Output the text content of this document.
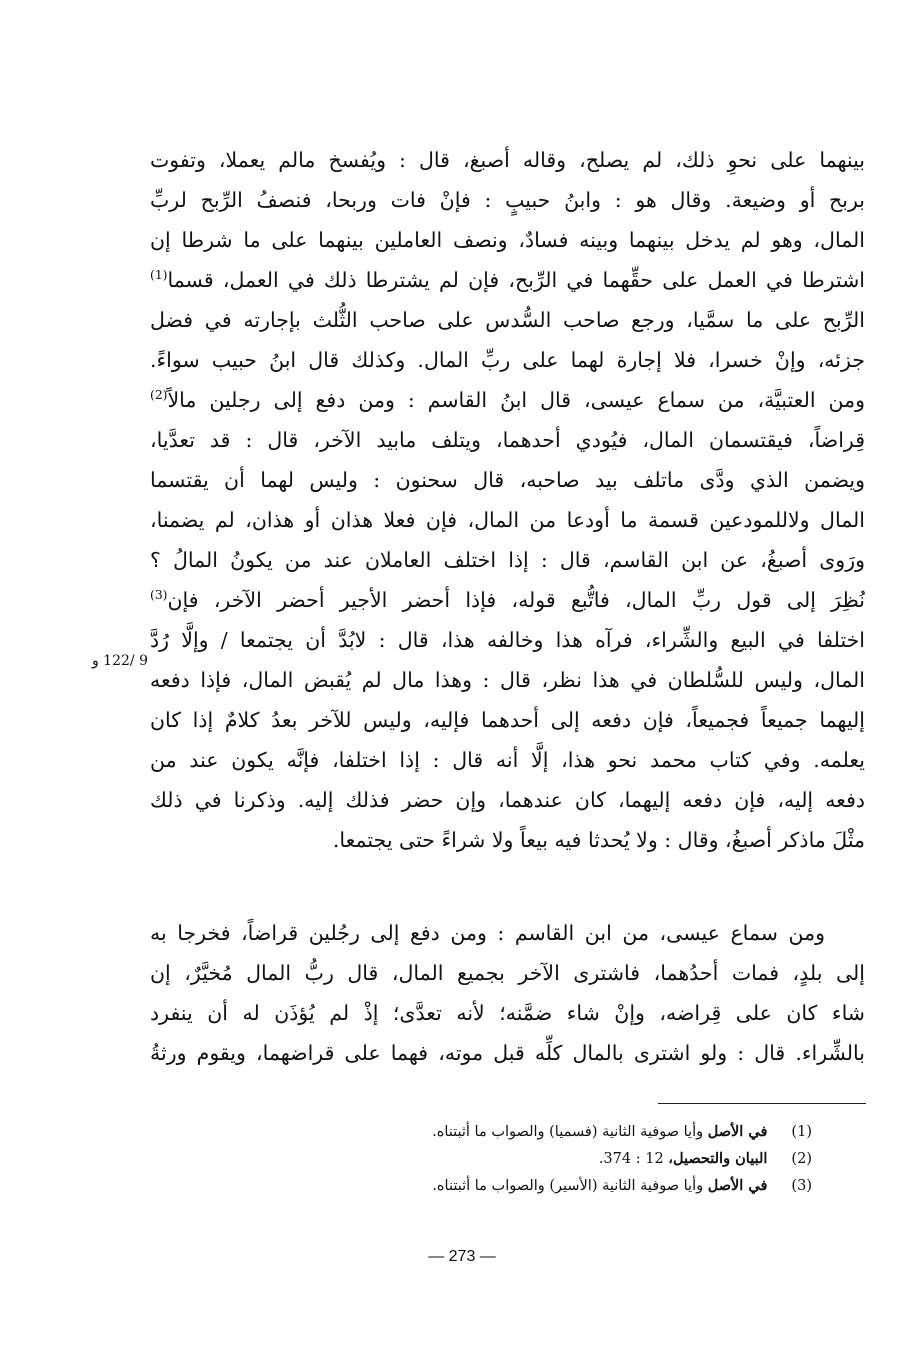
بينهما على نحوِ ذلك، لم يصلح، وقاله أصبغ، قال : ويُفسخ مالم يعملا، وتفوت
بربح أو وضيعة. وقال هو : وابنُ حبيبٍ : فإنْ فات وربحا، فنصفُ الرِّبح لربِّ
المال، وهو لم يدخل بينهما وبينه فسادٌ، ونصف العاملين بينهما على ما شرطا إن
اشترطا في العمل على حقِّهما في الرِّبح، فإن لم يشترطا ذلك في العمل، قسما$^{(1)}$
الرِّبح على ما سمَّيا، ورجع صاحب السُّدس على صاحب الثُّلث بإجارته في فضل
جزئه، وإنْ خسرا، فلا إجارة لهما على ربِّ المال. وكذلك قال ابنُ حبيب سواءً.
ومن العتبيَّة، من سماع عيسى، قال ابنُ القاسم : ومن دفع إلى رجلين مالاً$^{(2)}$
قِراضاً، فيقتسمان المال، فيُودي أحدهما، ويتلف مابيد الآخر، قال : قد تعدَّيا،
ويضمن الذي ودَّى ماتلف بيد صاحبه، قال سحنون : وليس لهما أن يقتسما
المال ولاللمودعين قسمة ما أودعا من المال، فإن فعلا هذان أو هذان، لم يضمنا،
ورَوى أصبغُ، عن ابن القاسم، قال : إذا اختلف العاملان عند من يكونُ المالُ ؟
نُظِرَ إلى قول ربِّ المال، فاتُّبع قوله، فإذا أحضر الأجير أحضر الآخر، فإن$^{(3)}$
اختلفا في البيع والشِّراء، فرآه هذا وخالفه هذا، قال : لابُدَّ أن يجتمعا / وإلَّا رُدَّ
المال، وليس للسُّلطان في هذا نظر، قال : وهذا مال لم يُقبض المال، فإذا دفعه
إليهما جميعاً فجميعاً، فإن دفعه إلى أحدهما فإليه، وليس للآخر بعدُ كلامٌ إذا كان
يعلمه. وفي كتاب محمد نحو هذا، إلَّا أنه قال : إذا اختلفا، فإنَّه يكون عند من
دفعه إليه، فإن دفعه إليهما، كان عندهما، وإن حضر فذلك إليه. وذكرنا في ذلك
مثْلَ ماذكر أصبغُ، وقال : ولا يُحدثا فيه بيعاً ولا شراءً حتى يجتمعا.
9 /122 و
ومن سماع عيسى، من ابن القاسم : ومن دفع إلى رجُلين قراضاً، فخرجا به
إلى بلدٍ، فمات أحدُهما، فاشترى الآخر بجميع المال، قال ربُّ المال مُخيَّرٌ، إن
شاء كان على قِراضه، وإنْ شاء ضمَّنه؛ لأنه تعدَّى؛ إذْ لم يُؤذَن له أن ينفرد
بالشِّراء. قال : ولو اشترى بالمال كلِّه قبل موته، فهما على قراضهما، ويقوم ورثةُ
(1) في الأصل وأيا صوفية الثانية (فسميا) والصواب ما أثبتناه.
(2) البيان والتحصيل، 12 : 374.
(3) في الأصل وأيا صوفية الثانية (الأسير) والصواب ما أثبتناه.
— 273 —
